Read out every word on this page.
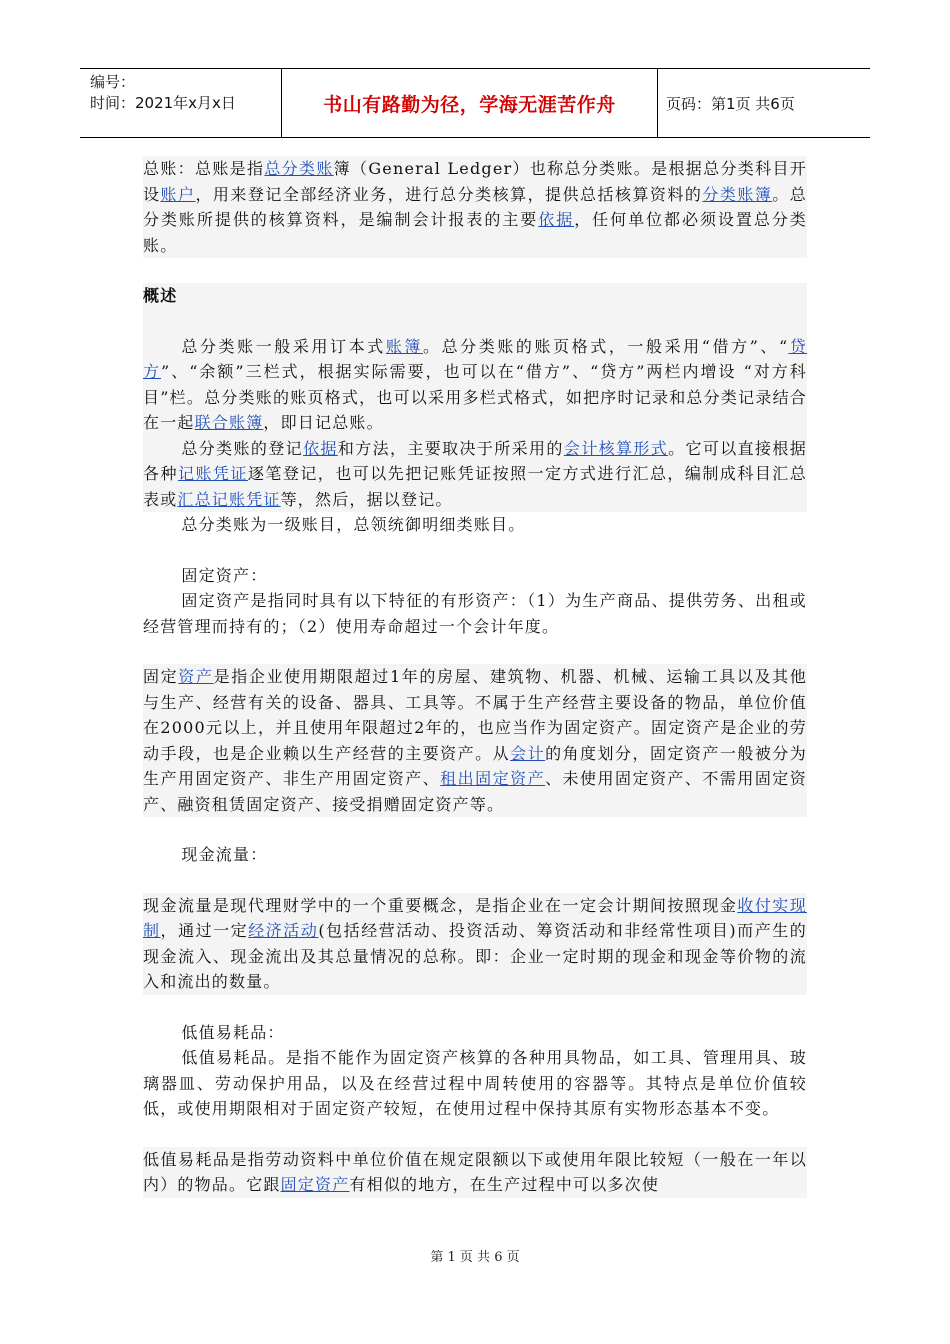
编号：
时间：2021年x月x日	书山有路勤为径，学海无涯苦作舟	页码：第1页 共6页

总账：总账是指总分类账簿（General Ledger）也称总分类账。是根据总分类科目开设账户，用来登记全部经济业务，进行总分类核算，提供总括核算资料的分类账簿。总分类账所提供的核算资料，是编制会计报表的主要依据，任何单位都必须设置总分类账。

概述

总分类账一般采用订本式账簿。总分类账的账页格式，一般采用“借方”、“贷方”、“余额”三栏式，根据实际需要，也可以在“借方”、“贷方”两栏内增设 “对方科目”栏。总分类账的账页格式，也可以采用多栏式格式，如把序时记录和总分类记录结合在一起联合账簿，即日记总账。

总分类账的登记依据和方法，主要取决于所采用的会计核算形式。它可以直接根据各种记账凭证逐笔登记，也可以先把记账凭证按照一定方式进行汇总，编制成科目汇总表或汇总记账凭证等，然后，据以登记。

总分类账为一级账目，总领统御明细类账目。

固定资产：

固定资产是指同时具有以下特征的有形资产：（1）为生产商品、提供劳务、出租或经营管理而持有的；（2）使用寿命超过一个会计年度。

固定资产是指企业使用期限超过1年的房屋、建筑物、机器、机械、运输工具以及其他与生产、经营有关的设备、器具、工具等。不属于生产经营主要设备的物品，单位价值在2000元以上，并且使用年限超过2年的，也应当作为固定资产。固定资产是企业的劳动手段，也是企业赖以生产经营的主要资产。从会计的角度划分，固定资产一般被分为生产用固定资产、非生产用固定资产、租出固定资产、未使用固定资产、不需用固定资产、融资租赁固定资产、接受捐赠固定资产等。

现金流量：

现金流量是现代理财学中的一个重要概念，是指企业在一定会计期间按照现金收付实现制，通过一定经济活动(包括经营活动、投资活动、筹资活动和非经常性项目)而产生的现金流入、现金流出及其总量情况的总称。即：企业一定时期的现金和现金等价物的流入和流出的数量。

低值易耗品：

低值易耗品。是指不能作为固定资产核算的各种用具物品，如工具、管理用具、玻璃器皿、劳动保护用品，以及在经营过程中周转使用的容器等。其特点是单位价值较低，或使用期限相对于固定资产较短，在使用过程中保持其原有实物形态基本不变。

低值易耗品是指劳动资料中单位价值在规定限额以下或使用年限比较短（一般在一年以内）的物品。它跟固定资产有相似的地方，在生产过程中可以多次使

第 1 页 共 6 页
